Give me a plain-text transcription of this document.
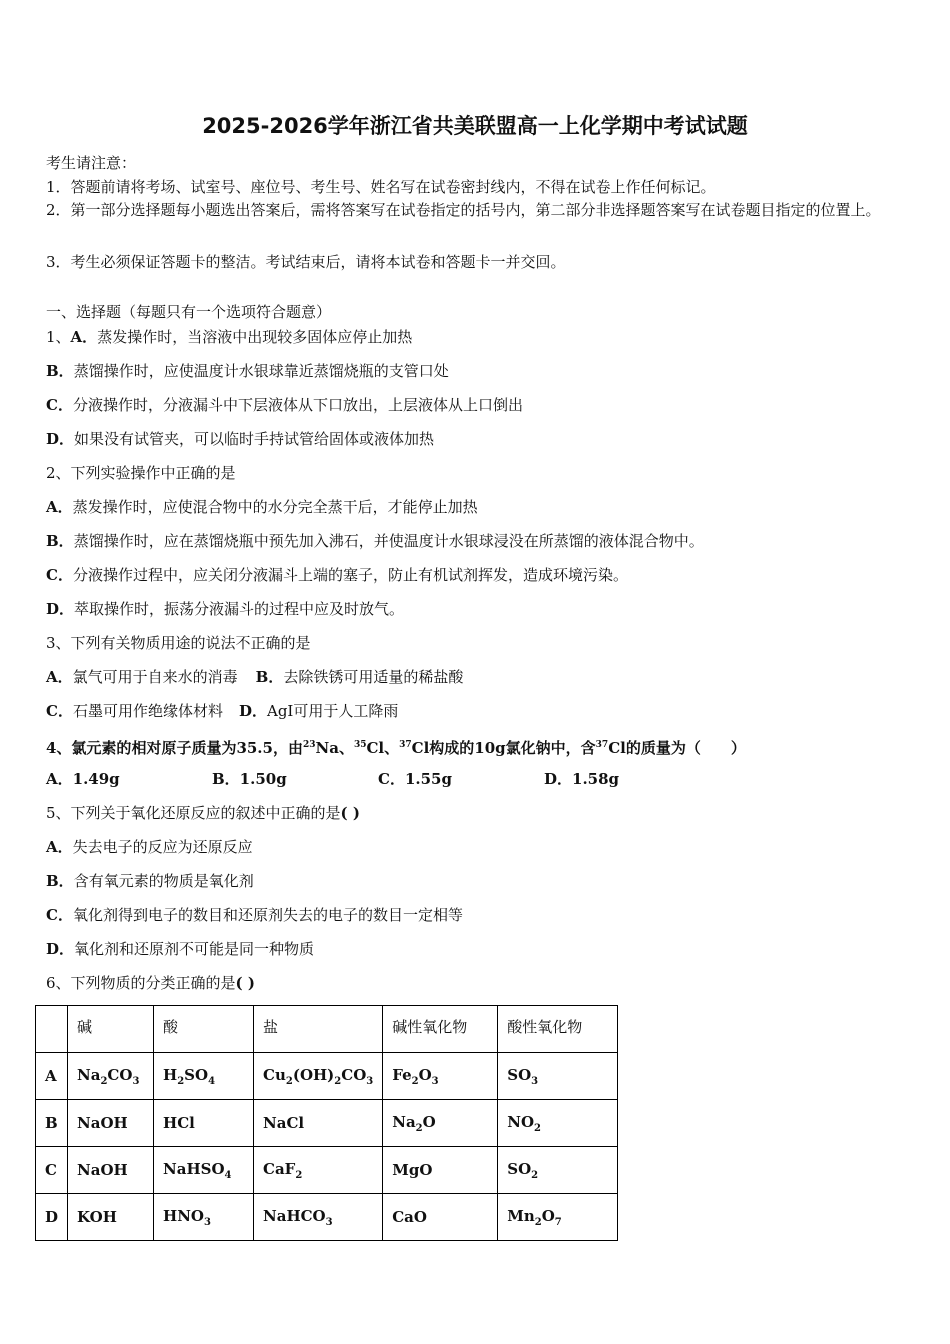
2025-2026学年浙江省共美联盟高一上化学期中考试试题
考生请注意：
1．答题前请将考场、试室号、座位号、考生号、姓名写在试卷密封线内，不得在试卷上作任何标记。
2．第一部分选择题每小题选出答案后，需将答案写在试卷指定的括号内，第二部分非选择题答案写在试卷题目指定的位置上。
3．考生必须保证答题卡的整洁。考试结束后，请将本试卷和答题卡一并交回。
一、选择题（每题只有一个选项符合题意）
1、A．蒸发操作时，当溶液中出现较多固体应停止加热
B．蒸馏操作时，应使温度计水银球靠近蒸馏烧瓶的支管口处
C．分液操作时，分液漏斗中下层液体从下口放出，上层液体从上口倒出
D．如果没有试管夹，可以临时手持试管给固体或液体加热
2、下列实验操作中正确的是
A．蒸发操作时，应使混合物中的水分完全蒸干后，才能停止加热
B．蒸馏操作时，应在蒸馏烧瓶中预先加入沸石，并使温度计水银球浸没在所蒸馏的液体混合物中。
C．分液操作过程中，应关闭分液漏斗上端的塞子，防止有机试剂挥发，造成环境污染。
D．萃取操作时，振荡分液漏斗的过程中应及时放气。
3、下列有关物质用途的说法不正确的是
A．氯气可用于自来水的消毒 B．去除铁锈可用适量的稀盐酸
C．石墨可用作绝缘体材料 D．AgI可用于人工降雨
4、氯元素的相对原子质量为35.5，由$^{23}$Na、$^{35}$Cl、$^{37}$Cl构成的10g氯化钠中，含$^{37}$Cl的质量为（　　）
A．1.49g	B．1.50g	C．1.55g	D．1.58g
5、下列关于氧化还原反应的叙述中正确的是( )
A．失去电子的反应为还原反应
B．含有氧元素的物质是氧化剂
C．氧化剂得到电子的数目和还原剂失去的电子的数目一定相等
D．氧化剂和还原剂不可能是同一种物质
6、下列物质的分类正确的是( )
	碱	酸	盐	碱性氧化物	酸性氧化物
A	$Na_2CO_3$	$H_2SO_4$	$Cu_2(OH)_2CO_3$	$Fe_2O_3$	$SO_3$
B	NaOH	HCl	NaCl	$Na_2O$	$NO_2$
C	NaOH	NaHSO$_4$	CaF$_2$	MgO	$SO_2$
D	KOH	$HNO_3$	NaHCO$_3$	CaO	$Mn_2O_7$
